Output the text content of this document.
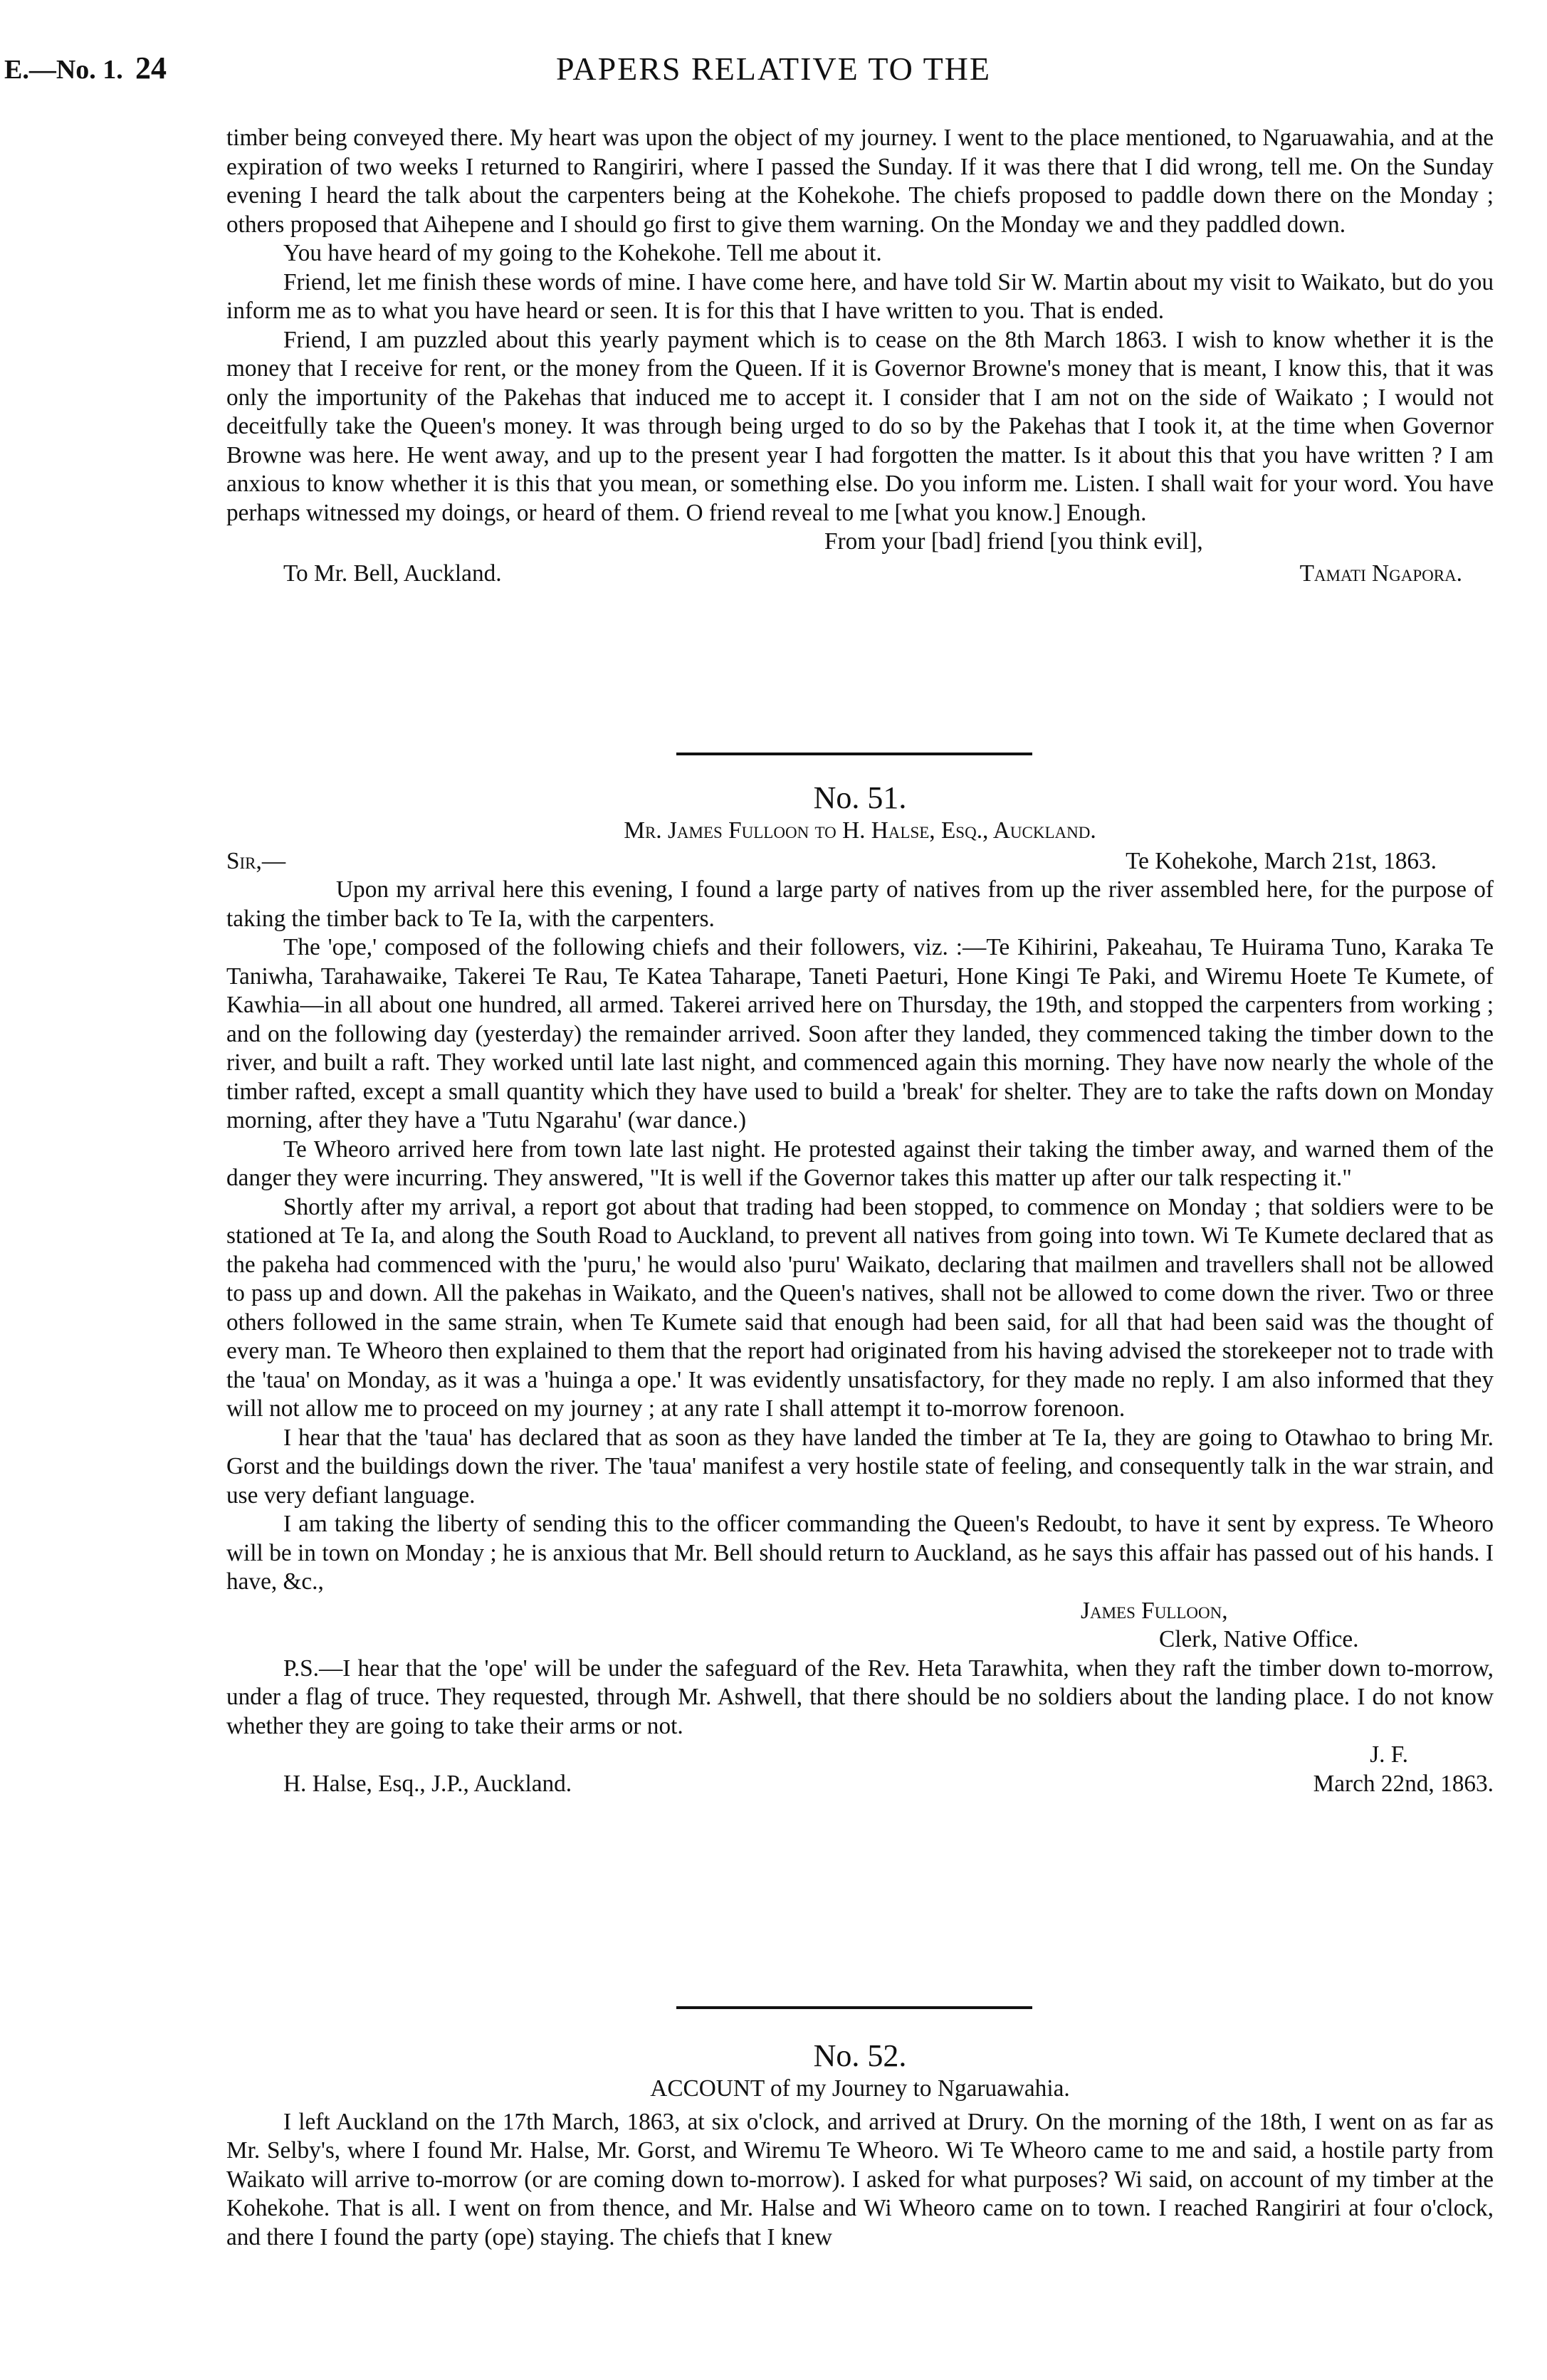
E.—No. 1. 24	PAPERS RELATIVE TO THE

timber being conveyed there. My heart was upon the object of my journey. I went to the place mentioned, to Ngaruawahia, and at the expiration of two weeks I returned to Rangiriri, where I passed the Sunday. If it was there that I did wrong, tell me. On the Sunday evening I heard the talk about the carpenters being at the Kohekohe. The chiefs proposed to paddle down there on the Monday ; others proposed that Aihepene and I should go first to give them warning. On the Monday we and they paddled down.

You have heard of my going to the Kohekohe. Tell me about it.

Friend, let me finish these words of mine. I have come here, and have told Sir W. Martin about my visit to Waikato, but do you inform me as to what you have heard or seen. It is for this that I have written to you. That is ended.

Friend, I am puzzled about this yearly payment which is to cease on the 8th March 1863. I wish to know whether it is the money that I receive for rent, or the money from the Queen. If it is Governor Browne's money that is meant, I know this, that it was only the importunity of the Pakehas that induced me to accept it. I consider that I am not on the side of Waikato ; I would not deceitfully take the Queen's money. It was through being urged to do so by the Pakehas that I took it, at the time when Governor Browne was here. He went away, and up to the present year I had forgotten the matter. Is it about this that you have written ? I am anxious to know whether it is this that you mean, or something else. Do you inform me. Listen. I shall wait for your word. You have perhaps witnessed my doings, or heard of them. O friend reveal to me [what you know.] Enough.

From your [bad] friend [you think evil],

To Mr. Bell, Auckland.	Tamati Ngapora.

No. 51.

Mr. James Fulloon to H. Halse, Esq., Auckland.

Sir,—	Te Kohekohe, March 21st, 1863.

Upon my arrival here this evening, I found a large party of natives from up the river assembled here, for the purpose of taking the timber back to Te Ia, with the carpenters.

The 'ope,' composed of the following chiefs and their followers, viz. :—Te Kihirini, Pakeahau, Te Huirama Tuno, Karaka Te Taniwha, Tarahawaike, Takerei Te Rau, Te Katea Taharape, Taneti Paeturi, Hone Kingi Te Paki, and Wiremu Hoete Te Kumete, of Kawhia—in all about one hundred, all armed. Takerei arrived here on Thursday, the 19th, and stopped the carpenters from working ; and on the following day (yesterday) the remainder arrived. Soon after they landed, they commenced taking the timber down to the river, and built a raft. They worked until late last night, and commenced again this morning. They have now nearly the whole of the timber rafted, except a small quantity which they have used to build a 'break' for shelter. They are to take the rafts down on Monday morning, after they have a 'Tutu Ngarahu' (war dance.)

Te Wheoro arrived here from town late last night. He protested against their taking the timber away, and warned them of the danger they were incurring. They answered, "It is well if the Governor takes this matter up after our talk respecting it."

Shortly after my arrival, a report got about that trading had been stopped, to commence on Monday ; that soldiers were to be stationed at Te Ia, and along the South Road to Auckland, to prevent all natives from going into town. Wi Te Kumete declared that as the pakeha had commenced with the 'puru,' he would also 'puru' Waikato, declaring that mailmen and travellers shall not be allowed to pass up and down. All the pakehas in Waikato, and the Queen's natives, shall not be allowed to come down the river. Two or three others followed in the same strain, when Te Kumete said that enough had been said, for all that had been said was the thought of every man. Te Wheoro then explained to them that the report had originated from his having advised the storekeeper not to trade with the 'taua' on Monday, as it was a 'huinga a ope.' It was evidently unsatisfactory, for they made no reply. I am also informed that they will not allow me to proceed on my journey ; at any rate I shall attempt it to-morrow forenoon.

I hear that the 'taua' has declared that as soon as they have landed the timber at Te Ia, they are going to Otawhao to bring Mr. Gorst and the buildings down the river. The 'taua' manifest a very hostile state of feeling, and consequently talk in the war strain, and use very defiant language.

I am taking the liberty of sending this to the officer commanding the Queen's Redoubt, to have it sent by express. Te Wheoro will be in town on Monday ; he is anxious that Mr. Bell should return to Auckland, as he says this affair has passed out of his hands. I have, &c.,

James Fulloon,

Clerk, Native Office.

P.S.—I hear that the 'ope' will be under the safeguard of the Rev. Heta Tarawhita, when they raft the timber down to-morrow, under a flag of truce. They requested, through Mr. Ashwell, that there should be no soldiers about the landing place. I do not know whether they are going to take their arms or not.

J. F.

H. Halse, Esq., J.P., Auckland.	March 22nd, 1863.

No. 52.

ACCOUNT of my Journey to Ngaruawahia.

I left Auckland on the 17th March, 1863, at six o'clock, and arrived at Drury. On the morning of the 18th, I went on as far as Mr. Selby's, where I found Mr. Halse, Mr. Gorst, and Wiremu Te Wheoro. Wi Te Wheoro came to me and said, a hostile party from Waikato will arrive to-morrow (or are coming down to-morrow). I asked for what purposes? Wi said, on account of my timber at the Kohekohe. That is all. I went on from thence, and Mr. Halse and Wi Wheoro came on to town. I reached Rangiriri at four o'clock, and there I found the party (ope) staying. The chiefs that I knew
